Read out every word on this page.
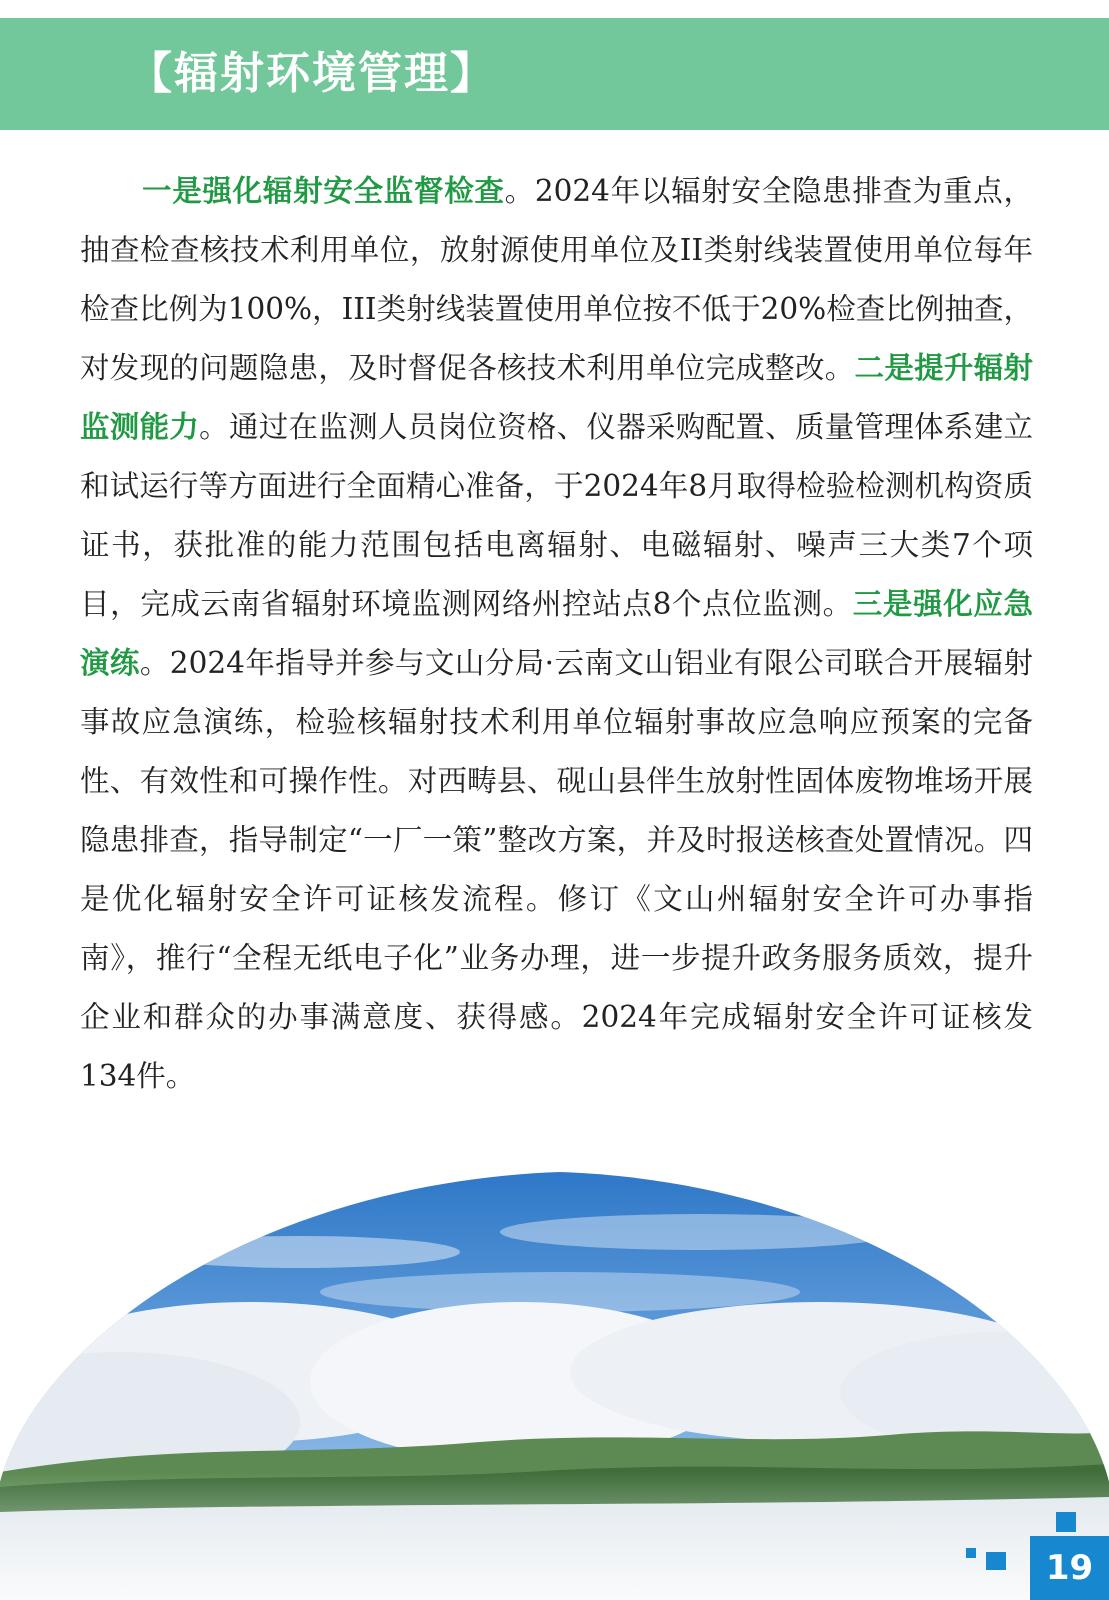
【辐射环境管理】

一是强化辐射安全监督检查。2024年以辐射安全隐患排查为重点，抽查检查核技术利用单位，放射源使用单位及II类射线装置使用单位每年检查比例为100%，III类射线装置使用单位按不低于20%检查比例抽查，对发现的问题隐患，及时督促各核技术利用单位完成整改。二是提升辐射监测能力。通过在监测人员岗位资格、仪器采购配置、质量管理体系建立和试运行等方面进行全面精心准备，于2024年8月取得检验检测机构资质证书，获批准的能力范围包括电离辐射、电磁辐射、噪声三大类7个项目，完成云南省辐射环境监测网络州控站点8个点位监测。三是强化应急演练。2024年指导并参与文山分局·云南文山铝业有限公司联合开展辐射事故应急演练，检验核辐射技术利用单位辐射事故应急响应预案的完备性、有效性和可操作性。对西畴县、砚山县伴生放射性固体废物堆场开展隐患排查，指导制定“一厂一策”整改方案，并及时报送核查处置情况。四是优化辐射安全许可证核发流程。修订《文山州辐射安全许可办事指南》，推行“全程无纸电子化”业务办理，进一步提升政务服务质效，提升企业和群众的办事满意度、获得感。2024年完成辐射安全许可证核发134件。

19
